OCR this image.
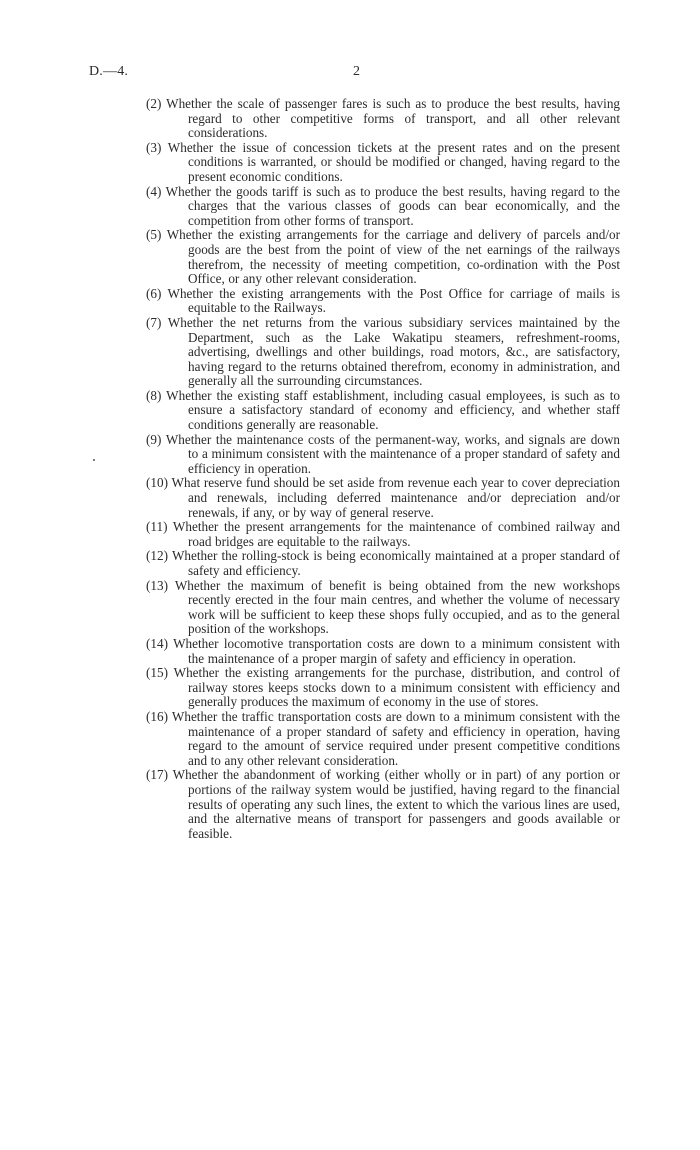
D.—4.	2
(2) Whether the scale of passenger fares is such as to produce the best results, having regard to other competitive forms of transport, and all other relevant considerations.
(3) Whether the issue of concession tickets at the present rates and on the present conditions is warranted, or should be modified or changed, having regard to the present economic conditions.
(4) Whether the goods tariff is such as to produce the best results, having regard to the charges that the various classes of goods can bear economically, and the competition from other forms of transport.
(5) Whether the existing arrangements for the carriage and delivery of parcels and/or goods are the best from the point of view of the net earnings of the railways therefrom, the necessity of meeting competition, co-ordination with the Post Office, or any other relevant consideration.
(6) Whether the existing arrangements with the Post Office for carriage of mails is equitable to the Railways.
(7) Whether the net returns from the various subsidiary services maintained by the Department, such as the Lake Wakatipu steamers, refreshment-rooms, advertising, dwellings and other buildings, road motors, &c., are satisfactory, having regard to the returns obtained therefrom, economy in administration, and generally all the surrounding circumstances.
(8) Whether the existing staff establishment, including casual employees, is such as to ensure a satisfactory standard of economy and efficiency, and whether staff conditions generally are reasonable.
(9) Whether the maintenance costs of the permanent-way, works, and signals are down to a minimum consistent with the maintenance of a proper standard of safety and efficiency in operation.
(10) What reserve fund should be set aside from revenue each year to cover depreciation and renewals, including deferred maintenance and/or depreciation and/or renewals, if any, or by way of general reserve.
(11) Whether the present arrangements for the maintenance of combined railway and road bridges are equitable to the railways.
(12) Whether the rolling-stock is being economically maintained at a proper standard of safety and efficiency.
(13) Whether the maximum of benefit is being obtained from the new workshops recently erected in the four main centres, and whether the volume of necessary work will be sufficient to keep these shops fully occupied, and as to the general position of the workshops.
(14) Whether locomotive transportation costs are down to a minimum consistent with the maintenance of a proper margin of safety and efficiency in operation.
(15) Whether the existing arrangements for the purchase, distribution, and control of railway stores keeps stocks down to a minimum consistent with efficiency and generally produces the maximum of economy in the use of stores.
(16) Whether the traffic transportation costs are down to a minimum consistent with the maintenance of a proper standard of safety and efficiency in operation, having regard to the amount of service required under present competitive conditions and to any other relevant consideration.
(17) Whether the abandonment of working (either wholly or in part) of any portion or portions of the railway system would be justified, having regard to the financial results of operating any such lines, the extent to which the various lines are used, and the alternative means of transport for passengers and goods available or feasible.
